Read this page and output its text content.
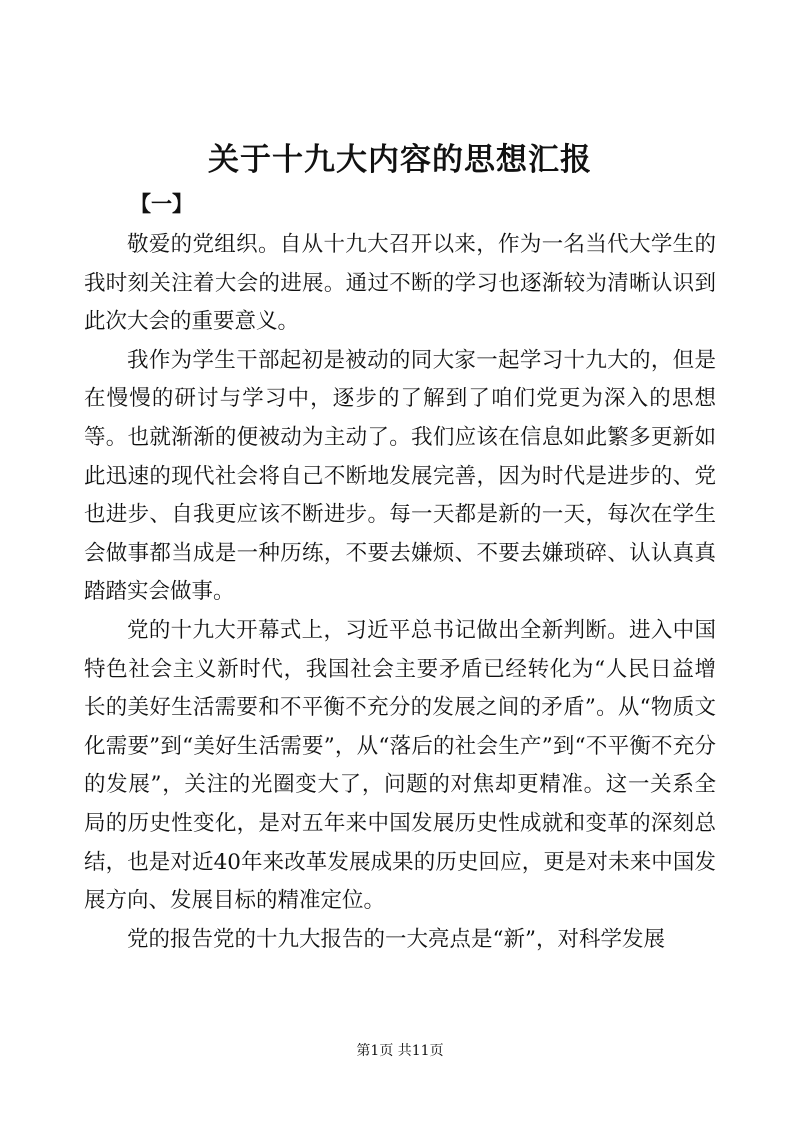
关于十九大内容的思想汇报
【一】

敬爱的党组织。自从十九大召开以来，作为一名当代大学生的我时刻关注着大会的进展。通过不断的学习也逐渐较为清晰认识到此次大会的重要意义。

我作为学生干部起初是被动的同大家一起学习十九大的，但是在慢慢的研讨与学习中，逐步的了解到了咱们党更为深入的思想等。也就渐渐的便被动为主动了。我们应该在信息如此繁多更新如此迅速的现代社会将自己不断地发展完善，因为时代是进步的、党也进步、自我更应该不断进步。每一天都是新的一天，每次在学生会做事都当成是一种历练，不要去嫌烦、不要去嫌琐碎、认认真真踏踏实会做事。

党的十九大开幕式上，习近平总书记做出全新判断。进入中国特色社会主义新时代，我国社会主要矛盾已经转化为“人民日益增长的美好生活需要和不平衡不充分的发展之间的矛盾”。从“物质文化需要”到“美好生活需要”，从“落后的社会生产”到“不平衡不充分的发展”，关注的光圈变大了，问题的对焦却更精准。这一关系全局的历史性变化，是对五年来中国发展历史性成就和变革的深刻总结，也是对近40年来改革发展成果的历史回应，更是对未来中国发展方向、发展目标的精准定位。

党的报告党的十九大报告的一大亮点是“新”，对科学发展

第1页 共11页
